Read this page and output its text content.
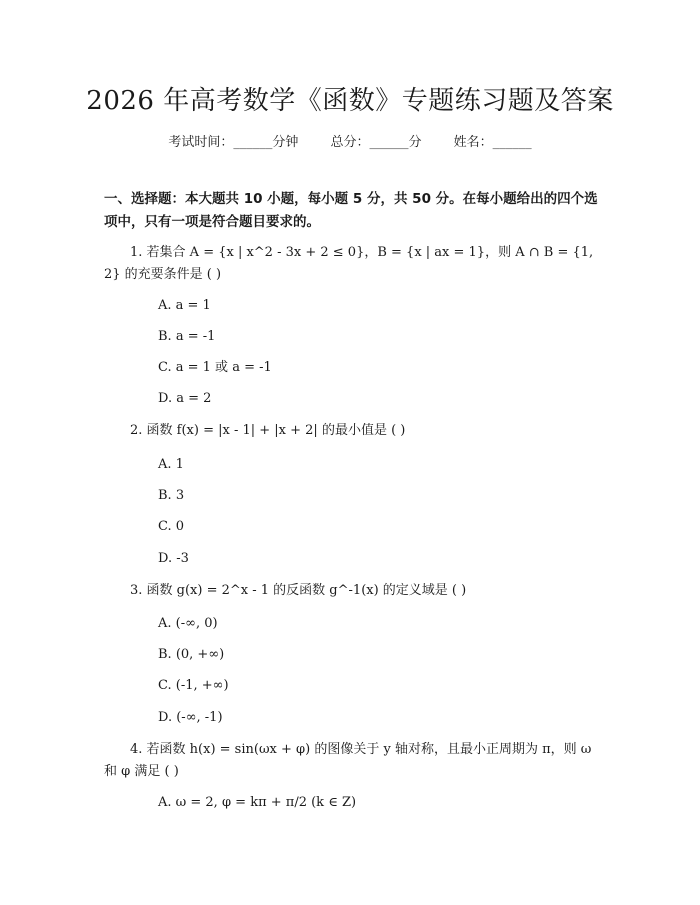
2026 年高考数学《函数》专题练习题及答案
考试时间：______分钟 总分：______分 姓名：______
一、选择题：本大题共 10 小题，每小题 5 分，共 50 分。在每小题给出的四个选项中，只有一项是符合题目要求的。
1. 若集合 A = {x | x^2 - 3x + 2 ≤ 0}，B = {x | ax = 1}，则 A ∩ B = {1, 2} 的充要条件是 ( )
A. a = 1
B. a = -1
C. a = 1 或 a = -1
D. a = 2
2. 函数 f(x) = |x - 1| + |x + 2| 的最小值是 ( )
A. 1
B. 3
C. 0
D. -3
3. 函数 g(x) = 2^x - 1 的反函数 g^-1(x) 的定义域是 ( )
A. (-∞, 0)
B. (0, +∞)
C. (-1, +∞)
D. (-∞, -1)
4. 若函数 h(x) = sin(ωx + φ) 的图像关于 y 轴对称，且最小正周期为 π，则 ω 和 φ 满足 ( )
A. ω = 2, φ = kπ + π/2 (k ∈ Z)
